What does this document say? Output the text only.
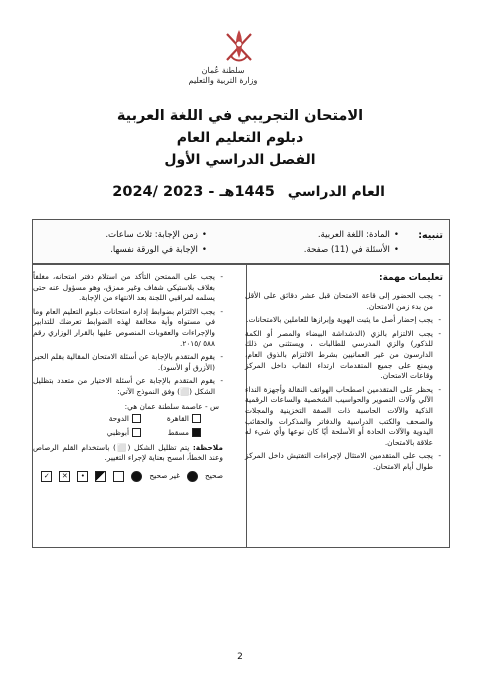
سلطنة عُمان
وزارة التربية والتعليم
الامتحان التجريبي في اللغة العربية
دبلوم التعليم العام
الفصل الدراسي الأول
العام الدراسي 1445هـ - 2023 /2024
تنبيه:
• المادة: اللغة العربية.
• الأسئلة في (11) صفحة.
• زمن الإجابة: ثلاث ساعات.
• الإجابة في الورقة نفسها.
تعليمات مهمة:
- يجب الحضور إلى قاعة الامتحان قبل عشر دقائق على الأقل من بدء زمن الامتحان.
- يجب إحضار أصل ما يثبت الهوية وإبرازها للعاملين بالامتحانات.
- يجب الالتزام بالزي (الدشداشة البيضاء والمصر أو الكمة للذكور) والزي المدرسي للطالبات ، ويستثنى من ذلك الدارسون من غير العمانيين بشرط الالتزام بالذوق العام، ويمنع على جميع المتقدمات ارتداء النقاب داخل المركز وقاعات الامتحان.
- يحظر على المتقدمين اصطحاب الهواتف النقالة وأجهزة النداء الآلي وآلات التصوير والحواسيب الشخصية والساعات الرقمية الذكية والآلات الحاسبة ذات الصفة التخزينية والمجلات والصحف والكتب الدراسية والدفاتر والمذكرات والحقائب اليدوية والآلات الحادة أو الأسلحة أيًا كان نوعها وأي شيء له علاقة بالامتحان.
- يجب على المتقدمين الامتثال لإجراءات التفتيش داخل المركز طوال أيام الامتحان.
- يجب على الممتحن التأكد من استلام دفتر امتحانه، مغلفاً بغلاف بلاستيكي شفاف وغير ممزق، وهو مسؤول عنه حتى يسلمه لمراقبي اللجنة بعد الانتهاء من الإجابة.
- يجب الالتزام بضوابط إدارة امتحانات دبلوم التعليم العام وما في مستواه وأية مخالفة لهذه الضوابط تعرضك للتدابير والإجراءات والعقوبات المنصوص عليها بالقرار الوزاري رقم ٥٨٨ /٢٠١٥.
- يقوم المتقدم بالإجابة عن أسئلة الامتحان المقالية بقلم الحبر (الأزرق أو الأسود).
- يقوم المتقدم بالإجابة عن أسئلة الاختيار من متعدد بتظليل الشكل (⬜) وفق النموذج الآتي:
س - عاصمة سلطنة عمان هي:
القاهرة
الدوحة
مسقط
أبوظبي
ملاحظة: يتم تظليل الشكل (⬜) باستخدام القلم الرصاص وعند الخطأ، امسح بعناية لإجراء التغيير.
صحيح
غير صحيح
•
✕
✓
2
